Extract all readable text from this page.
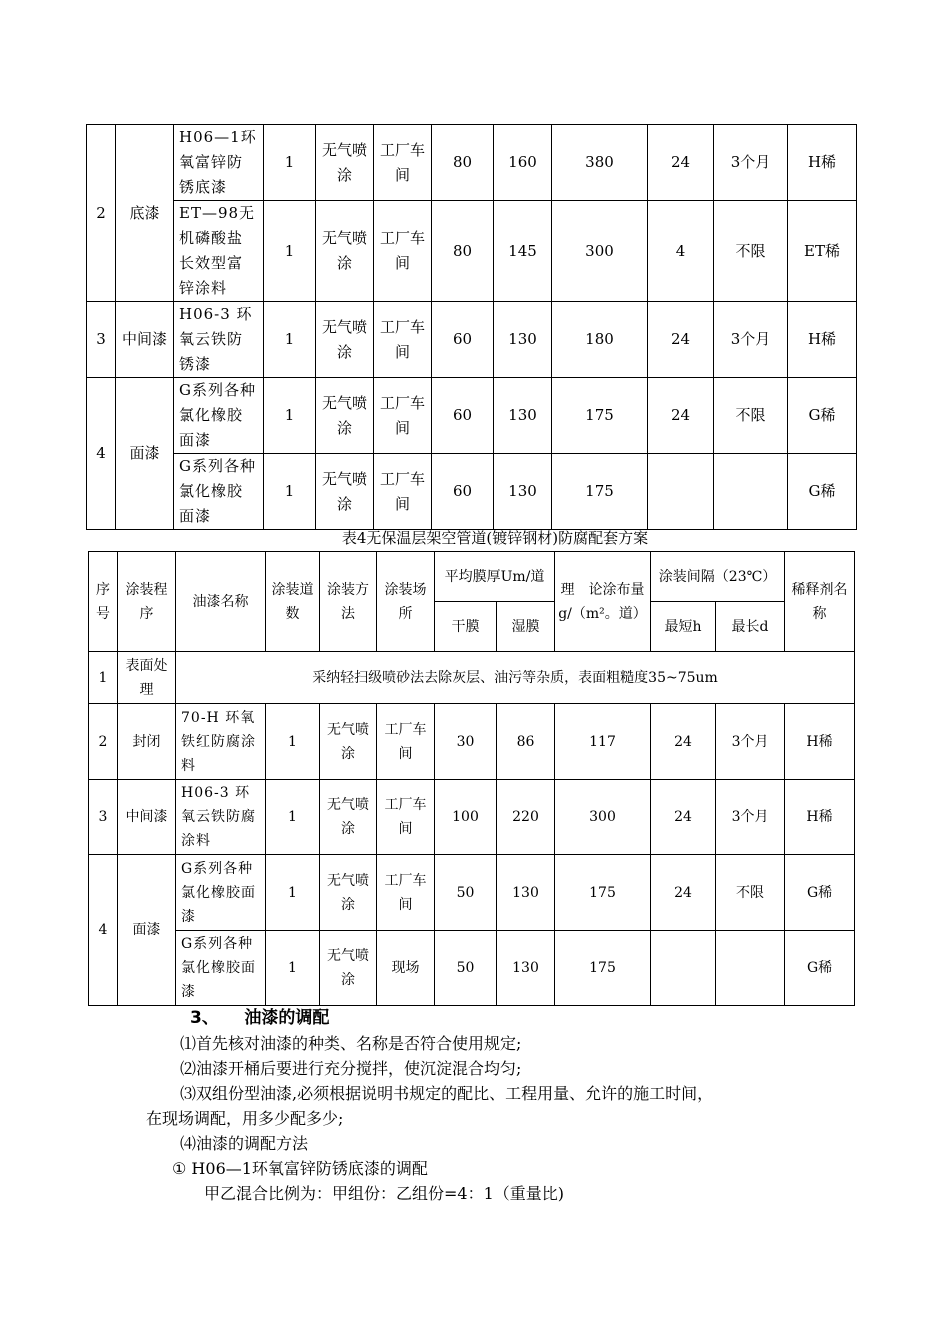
2	底漆	H06—1环氧富锌防锈底漆	1	无气喷涂	工厂车间	80	160	380	24	3个月	H稀
		ET—98无机磷酸盐长效型富锌涂料	1	无气喷涂	工厂车间	80	145	300	4	不限	ET稀
3	中间漆	H06-3 环氧云铁防锈漆	1	无气喷涂	工厂车间	60	130	180	24	3个月	H稀
4	面漆	G系列各种氯化橡胶面漆	1	无气喷涂	工厂车间	60	130	175	24	不限	G稀
		G系列各种氯化橡胶面漆	1	无气喷涂	工厂车间	60	130	175			G稀
表4无保温层架空管道(镀锌钢材)防腐配套方案
序号	涂装程序	油漆名称	涂装道数	涂装方法	涂装场所	平均膜厚Um/道		理　论涂布量g/（m²。道）	涂装间隔（23℃）		稀释剂名 称
						干膜	湿膜		最短h	最长d	
1	表面处理	采纳轻扫级喷砂法去除灰层、油污等杂质，表面粗糙度35~75um									
2	封闭	70-H 环氧铁红防腐涂料	1	无气喷涂	工厂车间	30	86	117	24	3个月	H稀
3	中间漆	H06-3 环氧云铁防腐涂料	1	无气喷涂	工厂车间	100	220	300	24	3个月	H稀
4	面漆	G系列各种氯化橡胶面漆	1	无气喷涂	工厂车间	50	130	175	24	不限	G稀
		G系列各种氯化橡胶面漆	1	无气喷涂	现场	50	130	175			G稀
3、　　油漆的调配
⑴首先核对油漆的种类、名称是否符合使用规定;
⑵油漆开桶后要进行充分搅拌，使沉淀混合均匀;
⑶双组份型油漆,必须根据说明书规定的配比、工程用量、允许的施工时间，
在现场调配，用多少配多少;
⑷油漆的调配方法
① H06—1环氧富锌防锈底漆的调配
甲乙混合比例为：甲组份：乙组份=4：1（重量比)
